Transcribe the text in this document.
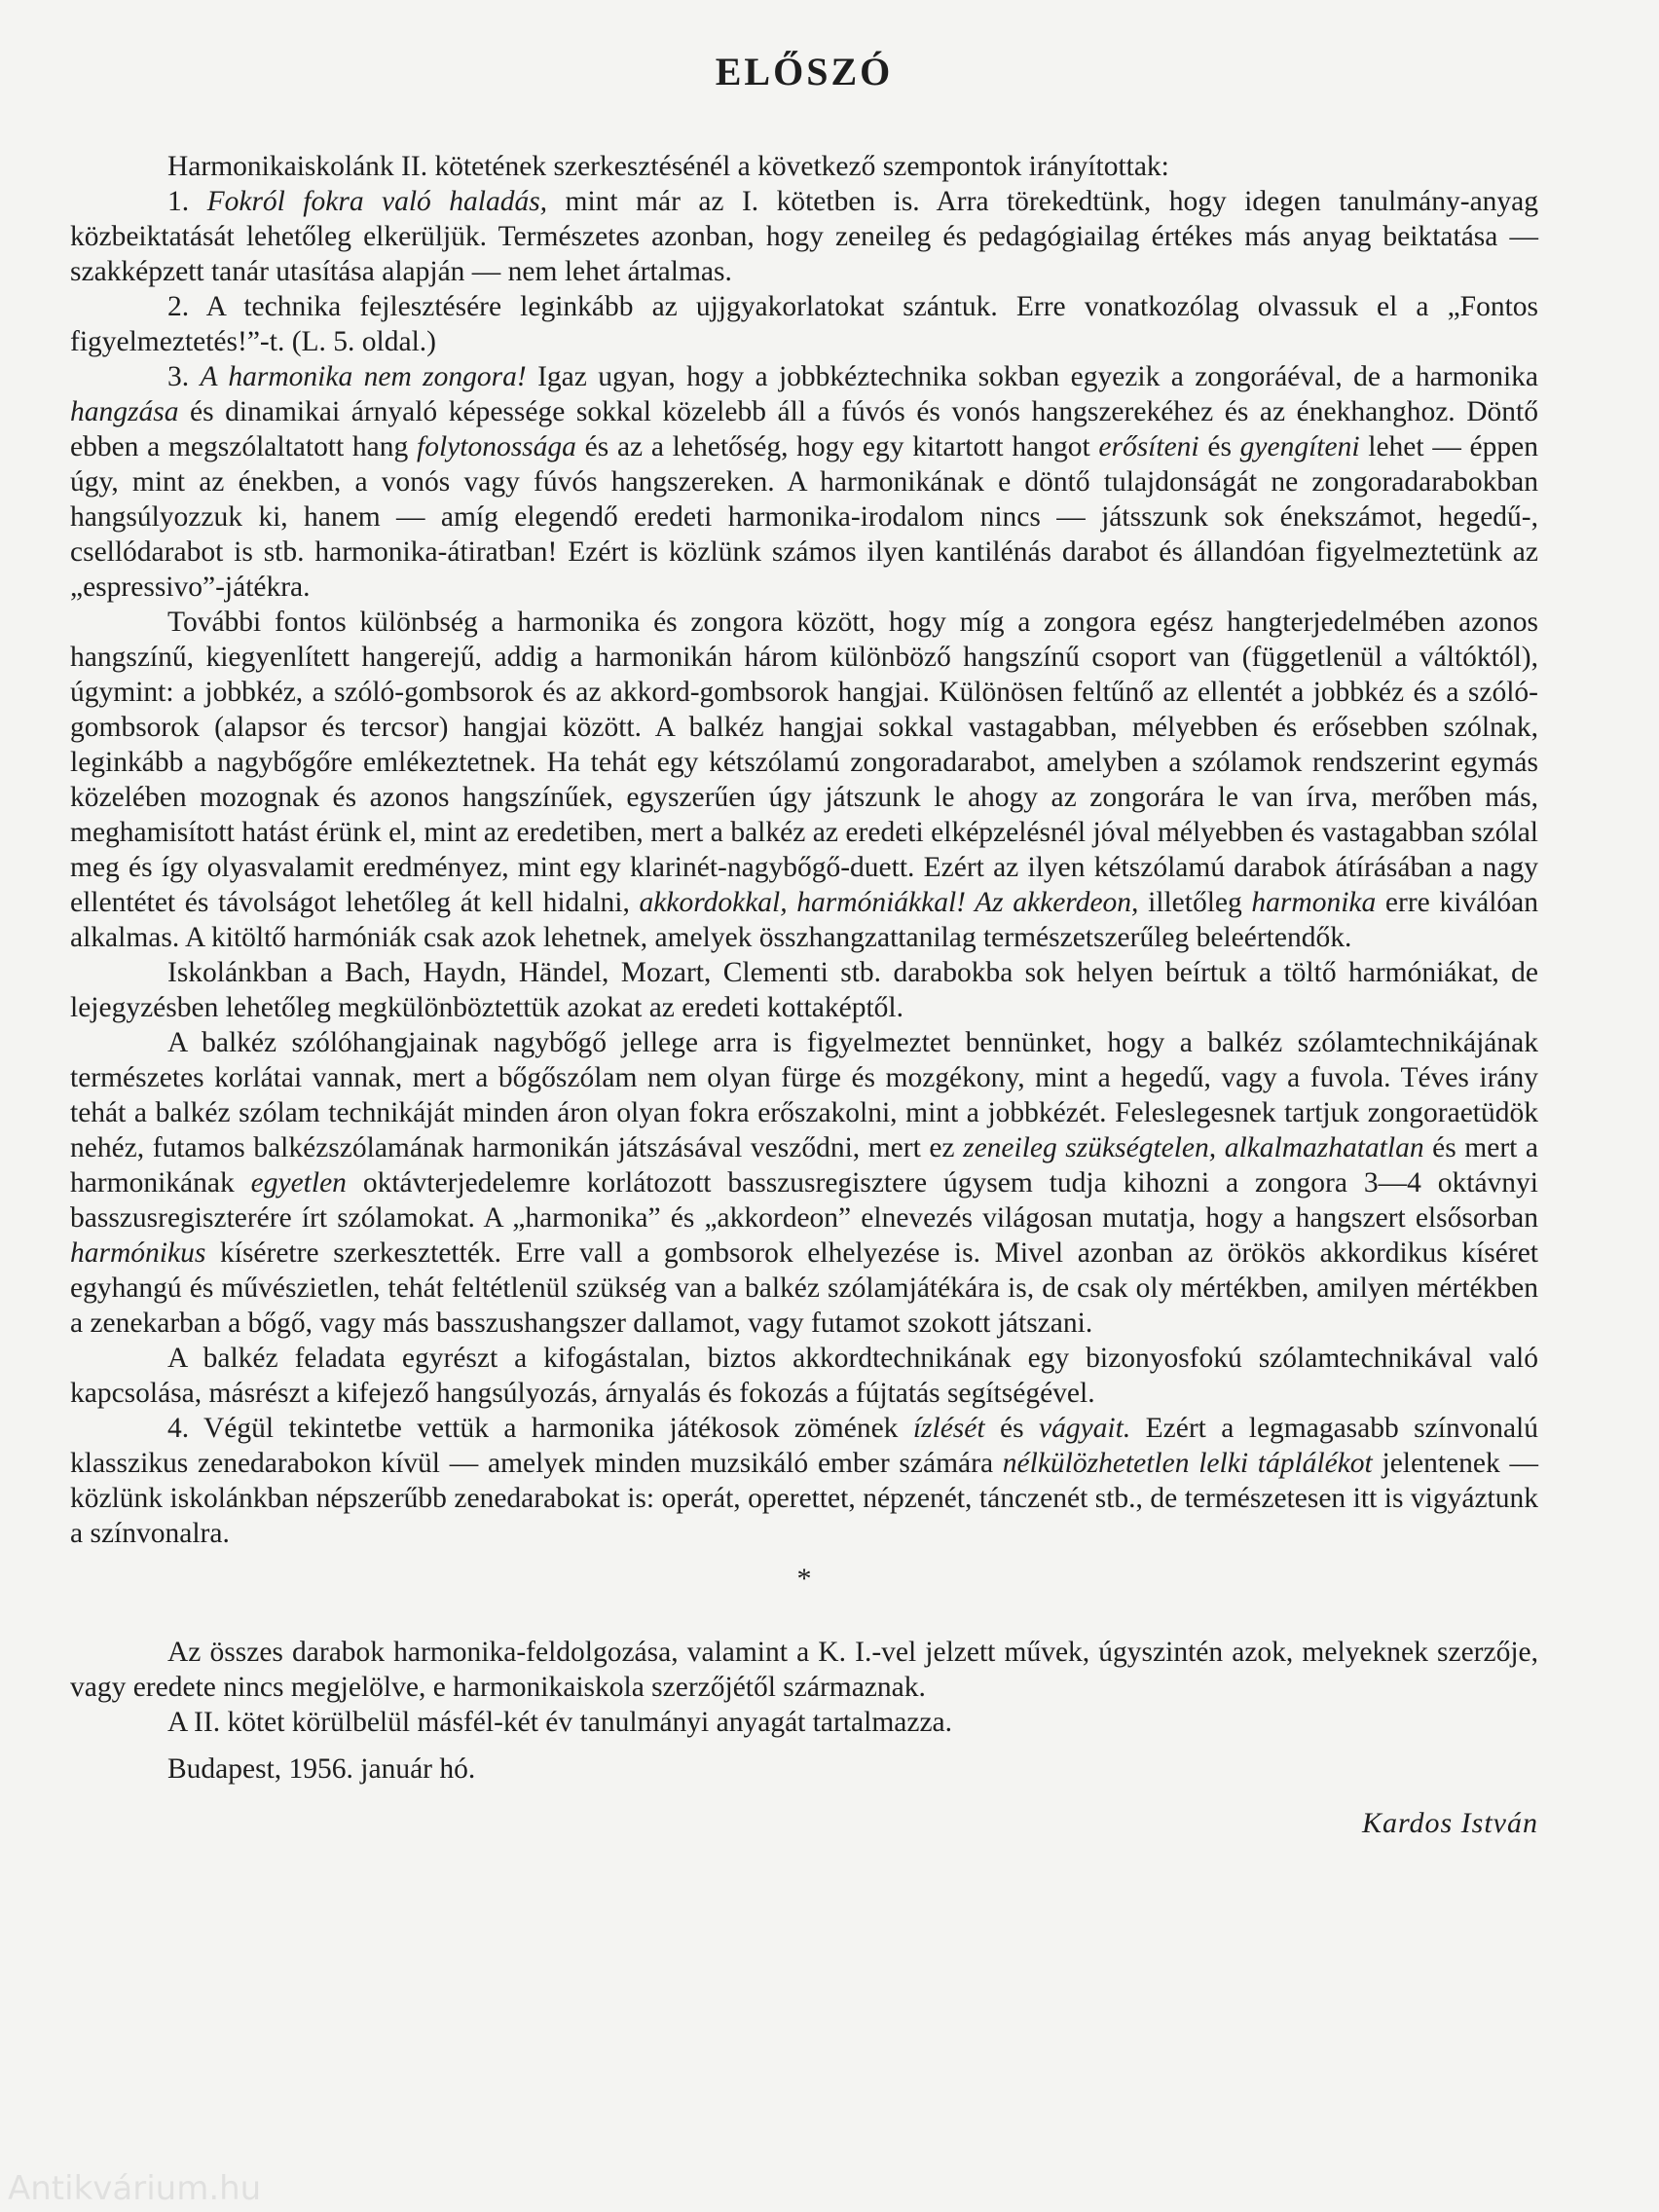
ELŐSZÓ

Harmonikaiskolánk II. kötetének szerkesztésénél a következő szempontok irányítottak:

1. Fokról fokra való haladás, mint már az I. kötetben is. Arra törekedtünk, hogy idegen tanulmány-anyag közbeiktatását lehetőleg elkerüljük. Természetes azonban, hogy zeneileg és pedagógiailag értékes más anyag beiktatása — szakképzett tanár utasítása alapján — nem lehet ártalmas.

2. A technika fejlesztésére leginkább az ujjgyakorlatokat szántuk. Erre vonatkozólag olvassuk el a „Fontos figyelmeztetés!”-t. (L. 5. oldal.)

3. A harmonika nem zongora! Igaz ugyan, hogy a jobbkéztechnika sokban egyezik a zongoráéval, de a harmonika hangzása és dinamikai árnyaló képessége sokkal közelebb áll a fúvós és vonós hangszerekéhez és az énekhanghoz. Döntő ebben a megszólaltatott hang folytonossága és az a lehetőség, hogy egy kitartott hangot erősíteni és gyengíteni lehet — éppen úgy, mint az énekben, a vonós vagy fúvós hangszereken. A harmonikának e döntő tulajdonságát ne zongoradarabokban hangsúlyozzuk ki, hanem — amíg elegendő eredeti harmonika-irodalom nincs — játsszunk sok énekszámot, hegedű-, csellódarabot is stb. harmonika-átiratban! Ezért is közlünk számos ilyen kantilénás darabot és állandóan figyelmeztetünk az „espressivo”-játékra.

További fontos különbség a harmonika és zongora között, hogy míg a zongora egész hangterjedelmében azonos hangszínű, kiegyenlített hangerejű, addig a harmonikán három különböző hangszínű csoport van (függetlenül a váltóktól), úgymint: a jobbkéz, a szóló-gombsorok és az akkord-gombsorok hangjai. Különösen feltűnő az ellentét a jobbkéz és a szóló-gombsorok (alapsor és tercsor) hangjai között. A balkéz hangjai sokkal vastagabban, mélyebben és erősebben szólnak, leginkább a nagybőgőre emlékeztetnek. Ha tehát egy kétszólamú zongoradarabot, amelyben a szólamok rendszerint egymás közelében mozognak és azonos hangszínűek, egyszerűen úgy játszunk le ahogy az zongorára le van írva, merőben más, meghamisított hatást érünk el, mint az eredetiben, mert a balkéz az eredeti elképzelésnél jóval mélyebben és vastagabban szólal meg és így olyasvalamit eredményez, mint egy klarinét-nagybőgő-duett. Ezért az ilyen kétszólamú darabok átírásában a nagy ellentétet és távolságot lehetőleg át kell hidalni, akkordokkal, harmóniákkal! Az akkerdeon, illetőleg harmonika erre kiválóan alkalmas. A kitöltő harmóniák csak azok lehetnek, amelyek összhangzattanilag természetszerűleg beleértendők.

Iskolánkban a Bach, Haydn, Händel, Mozart, Clementi stb. darabokba sok helyen beírtuk a töltő harmóniákat, de lejegyzésben lehetőleg megkülönböztettük azokat az eredeti kottaképtől.

A balkéz szólóhangjainak nagybőgő jellege arra is figyelmeztet bennünket, hogy a balkéz szólamtechnikájának természetes korlátai vannak, mert a bőgőszólam nem olyan fürge és mozgékony, mint a hegedű, vagy a fuvola. Téves irány tehát a balkéz szólam technikáját minden áron olyan fokra erőszakolni, mint a jobbkézét. Feleslegesnek tartjuk zongoraetüdök nehéz, futamos balkézszólamának harmonikán játszásával vesződni, mert ez zeneileg szükségtelen, alkalmazhatatlan és mert a harmonikának egyetlen oktávterjedelemre korlátozott basszusregisztere úgysem tudja kihozni a zongora 3—4 oktávnyi basszusregiszterére írt szólamokat. A „harmonika” és „akkordeon” elnevezés világosan mutatja, hogy a hangszert elsősorban harmónikus kíséretre szerkesztették. Erre vall a gombsorok elhelyezése is. Mivel azonban az örökös akkordikus kíséret egyhangú és művészietlen, tehát feltétlenül szükség van a balkéz szólamjátékára is, de csak oly mértékben, amilyen mértékben a zenekarban a bőgő, vagy más basszushangszer dallamot, vagy futamot szokott játszani.

A balkéz feladata egyrészt a kifogástalan, biztos akkordtechnikának egy bizonyosfokú szólamtechnikával való kapcsolása, másrészt a kifejező hangsúlyozás, árnyalás és fokozás a fújtatás segítségével.

4. Végül tekintetbe vettük a harmonika játékosok zömének ízlését és vágyait. Ezért a legmagasabb színvonalú klasszikus zenedarabokon kívül — amelyek minden muzsikáló ember számára nélkülözhetetlen lelki táplálékot jelentenek — közlünk iskolánkban népszerűbb zenedarabokat is: operát, operettet, népzenét, tánczenét stb., de természetesen itt is vigyáztunk a színvonalra.

*

Az összes darabok harmonika-feldolgozása, valamint a K. I.-vel jelzett művek, úgyszintén azok, melyeknek szerzője, vagy eredete nincs megjelölve, e harmonikaiskola szerzőjétől származnak.

A II. kötet körülbelül másfél-két év tanulmányi anyagát tartalmazza.

Budapest, 1956. január hó.
Kardos István
Antikvárium.hu
